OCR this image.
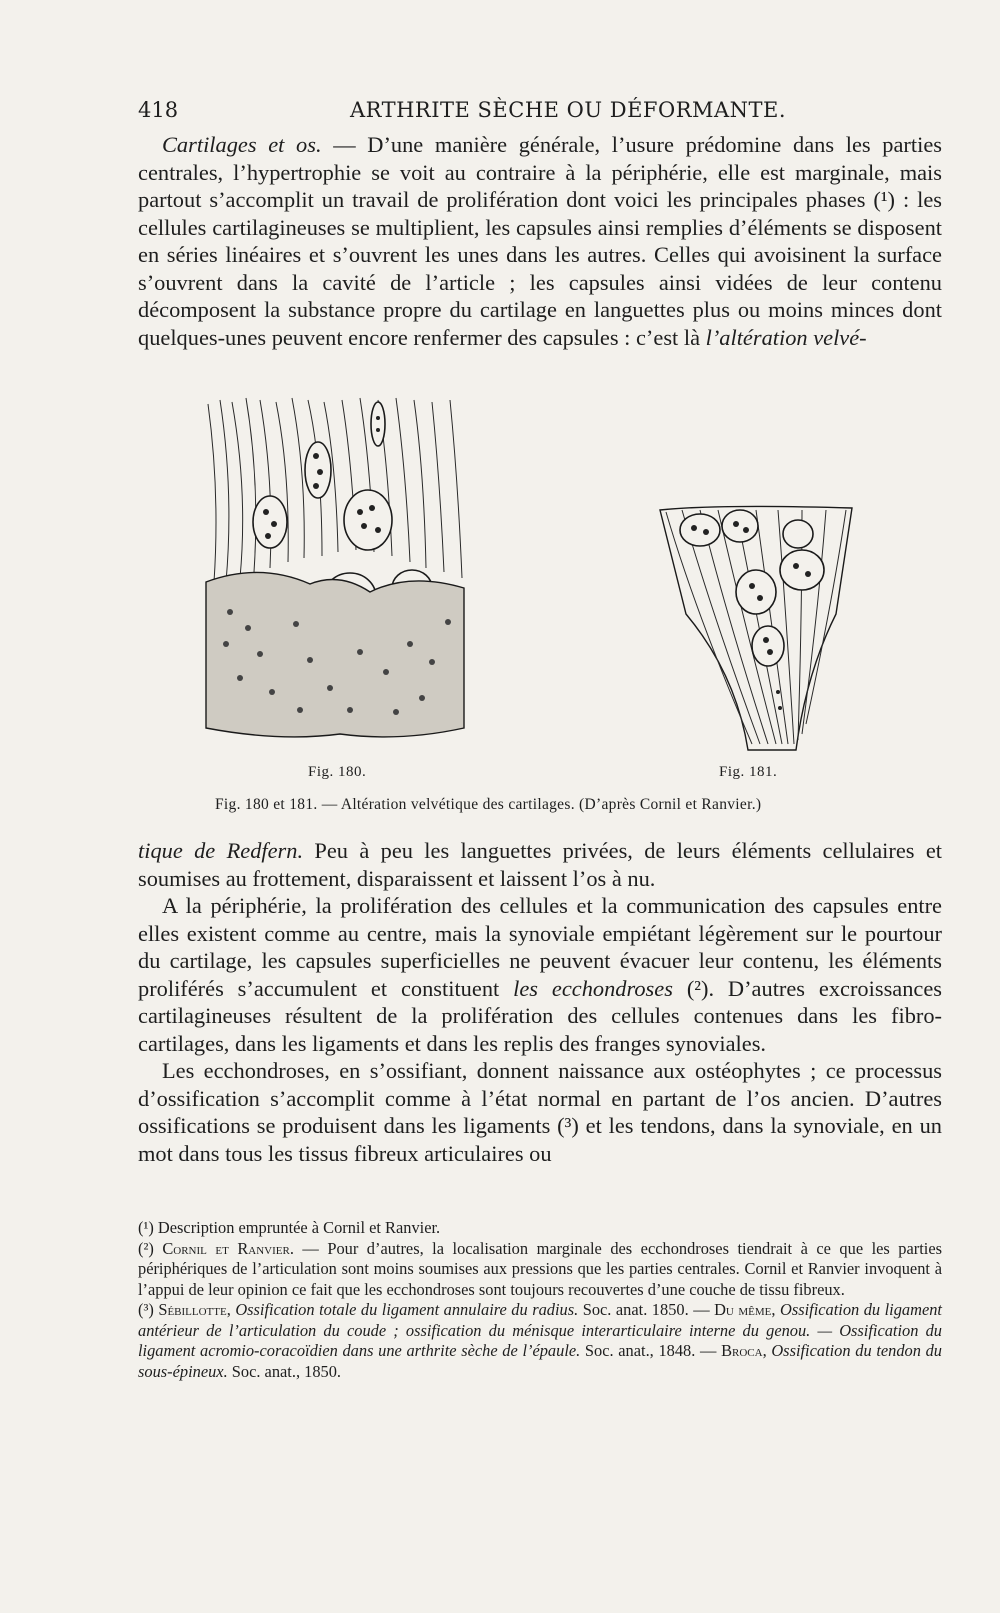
418	ARTHRITE SÈCHE OU DÉFORMANTE.

Cartilages et os. — D’une manière générale, l’usure prédomine dans les parties centrales, l’hypertrophie se voit au contraire à la périphérie, elle est marginale, mais partout s’accomplit un travail de prolifération dont voici les principales phases (¹) : les cellules cartilagineuses se multiplient, les capsules ainsi remplies d’éléments se disposent en séries linéaires et s’ouvrent les unes dans les autres. Celles qui avoisinent la surface s’ouvrent dans la cavité de l’article ; les capsules ainsi vidées de leur contenu décomposent la substance propre du cartilage en languettes plus ou moins minces dont quelques-unes peuvent encore renfermer des capsules : c’est là l’altération velvé-

Fig. 180.	Fig. 181.
Fig. 180 et 181. — Altération velvétique des cartilages. (D’après Cornil et Ranvier.)

tique de Redfern. Peu à peu les languettes privées, de leurs éléments cellulaires et soumises au frottement, disparaissent et laissent l’os à nu.

A la périphérie, la prolifération des cellules et la communication des capsules entre elles existent comme au centre, mais la synoviale empiétant légèrement sur le pourtour du cartilage, les capsules superficielles ne peuvent évacuer leur contenu, les éléments proliférés s’accumulent et constituent les ecchondroses (²). D’autres excroissances cartilagineuses résultent de la prolifération des cellules contenues dans les fibro-cartilages, dans les ligaments et dans les replis des franges synoviales.

Les ecchondroses, en s’ossifiant, donnent naissance aux ostéophytes ; ce processus d’ossification s’accomplit comme à l’état normal en partant de l’os ancien. D’autres ossifications se produisent dans les ligaments (³) et les tendons, dans la synoviale, en un mot dans tous les tissus fibreux articulaires ou

(¹) Description empruntée à Cornil et Ranvier.

(²) Cornil et Ranvier. — Pour d’autres, la localisation marginale des ecchondroses tiendrait à ce que les parties périphériques de l’articulation sont moins soumises aux pressions que les parties centrales. Cornil et Ranvier invoquent à l’appui de leur opinion ce fait que les ecchondroses sont toujours recouvertes d’une couche de tissu fibreux.

(³) Sébillotte, Ossification totale du ligament annulaire du radius. Soc. anat. 1850. — Du même, Ossification du ligament antérieur de l’articulation du coude ; ossification du ménisque interarticulaire interne du genou. — Ossification du ligament acromio-coracoïdien dans une arthrite sèche de l’épaule. Soc. anat., 1848. — Broca, Ossification du tendon du sous-épineux. Soc. anat., 1850.
